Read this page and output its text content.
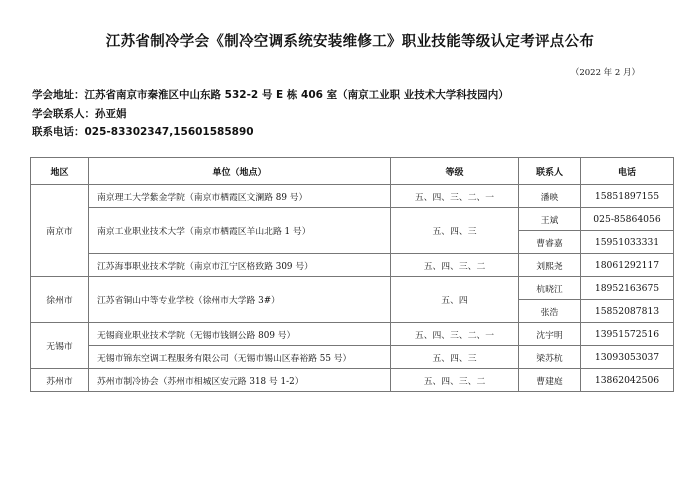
江苏省制冷学会《制冷空调系统安装维修工》职业技能等级认定考评点公布
（2022 年 2 月）
学会地址：江苏省南京市秦淮区中山东路 532-2 号 E 栋 406 室（南京工业职 业技术大学科技园内）
学会联系人：孙亚娟
联系电话：025-83302347,15601585890
地区	单位（地点）	等级	联系人	电话
南京市	南京理工大学紫金学院（南京市栖霞区文澜路 89 号）	五、四、三、二、一	潘映	15851897155
	南京工业职业技术大学（南京市栖霞区羊山北路 1 号）	五、四、三	王斌	025-85864056
			曹睿嘉	15951033331
	江苏海事职业技术学院（南京市江宁区格致路 309 号）	五、四、三、二	刘熙尧	18061292117

徐州市	江苏省铜山中等专业学校（徐州市大学路 3#）	五、四	杭晓江	18952163675
			张浩	15852087813
无锡市	无锡商业职业技术学院（无锡市钱钢公路 809 号）	五、四、三、二、一	沈宇明	13951572516
	无锡市锦东空调工程服务有限公司（无锡市锡山区春裕路 55 号）	五、四、三	梁苏杭	13093053037
苏州市	苏州市制冷协会（苏州市相城区安元路 318 号 1-2）	五、四、三、二	曹建庭	13862042506
